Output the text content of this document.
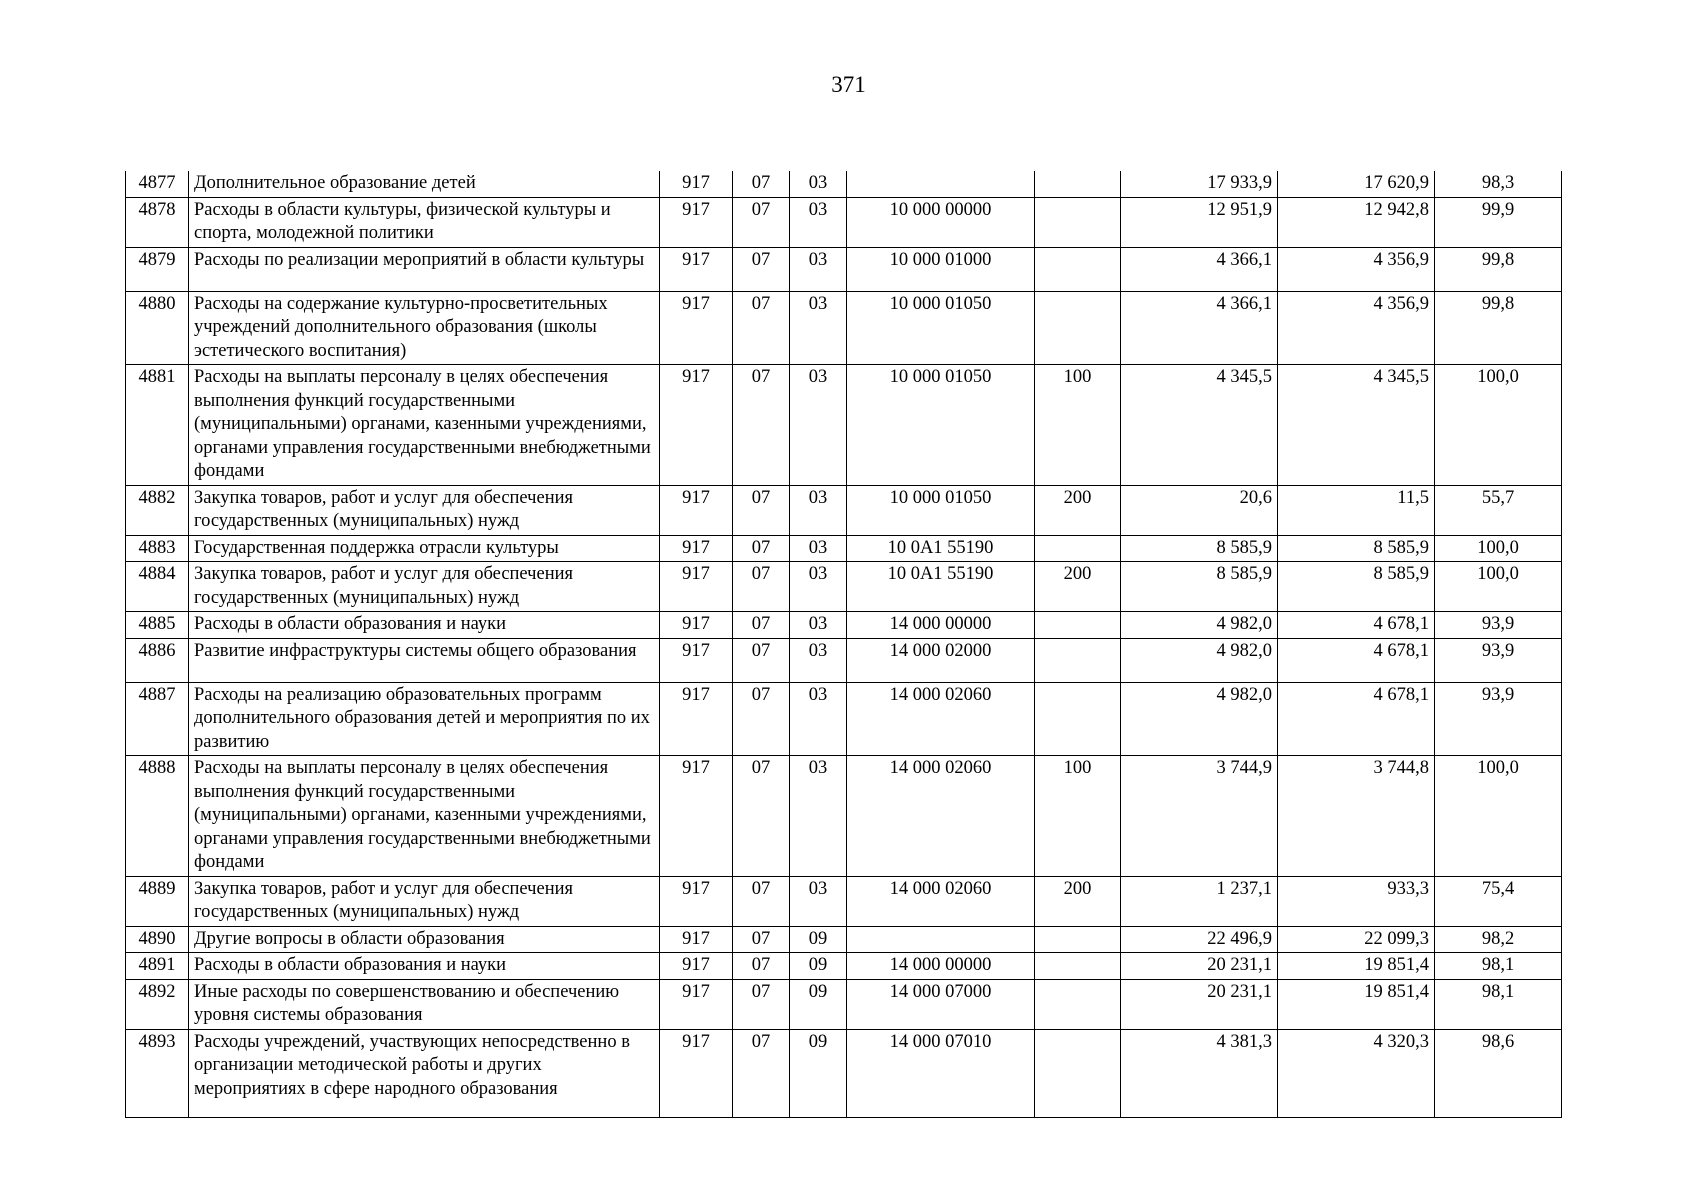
371
4877	Дополнительное образование детей	917	07	03			17 933,9	17 620,9	98,3
4878	Расходы в области культуры, физической культуры и спорта, молодежной политики	917	07	03	10 000 00000		12 951,9	12 942,8	99,9
4879	Расходы по реализации мероприятий в области культуры	917	07	03	10 000 01000		4 366,1	4 356,9	99,8
4880	Расходы на содержание культурно-просветительных учреждений дополнительного образования (школы эстетического воспитания)	917	07	03	10 000 01050		4 366,1	4 356,9	99,8
4881	Расходы на выплаты персоналу в целях обеспечения выполнения функций государственными (муниципальными) органами, казенными учреждениями, органами управления государственными внебюджетными фондами	917	07	03	10 000 01050	100	4 345,5	4 345,5	100,0
4882	Закупка товаров, работ и услуг для обеспечения государственных (муниципальных) нужд	917	07	03	10 000 01050	200	20,6	11,5	55,7
4883	Государственная поддержка отрасли культуры	917	07	03	10 0A1 55190		8 585,9	8 585,9	100,0
4884	Закупка товаров, работ и услуг для обеспечения государственных (муниципальных) нужд	917	07	03	10 0A1 55190	200	8 585,9	8 585,9	100,0
4885	Расходы в области образования и науки	917	07	03	14 000 00000		4 982,0	4 678,1	93,9
4886	Развитие инфраструктуры системы общего образования	917	07	03	14 000 02000		4 982,0	4 678,1	93,9
4887	Расходы на реализацию образовательных программ дополнительного образования детей и мероприятия по их развитию	917	07	03	14 000 02060		4 982,0	4 678,1	93,9
4888	Расходы на выплаты персоналу в целях обеспечения выполнения функций государственными (муниципальными) органами, казенными учреждениями, органами управления государственными внебюджетными фондами	917	07	03	14 000 02060	100	3 744,9	3 744,8	100,0
4889	Закупка товаров, работ и услуг для обеспечения государственных (муниципальных) нужд	917	07	03	14 000 02060	200	1 237,1	933,3	75,4
4890	Другие вопросы в области образования	917	07	09			22 496,9	22 099,3	98,2
4891	Расходы в области образования и науки	917	07	09	14 000 00000		20 231,1	19 851,4	98,1
4892	Иные расходы по совершенствованию и обеспечению уровня системы образования	917	07	09	14 000 07000		20 231,1	19 851,4	98,1
4893	Расходы учреждений, участвующих непосредственно в организации методической работы и других мероприятиях в сфере народного образования	917	07	09	14 000 07010		4 381,3	4 320,3	98,6
